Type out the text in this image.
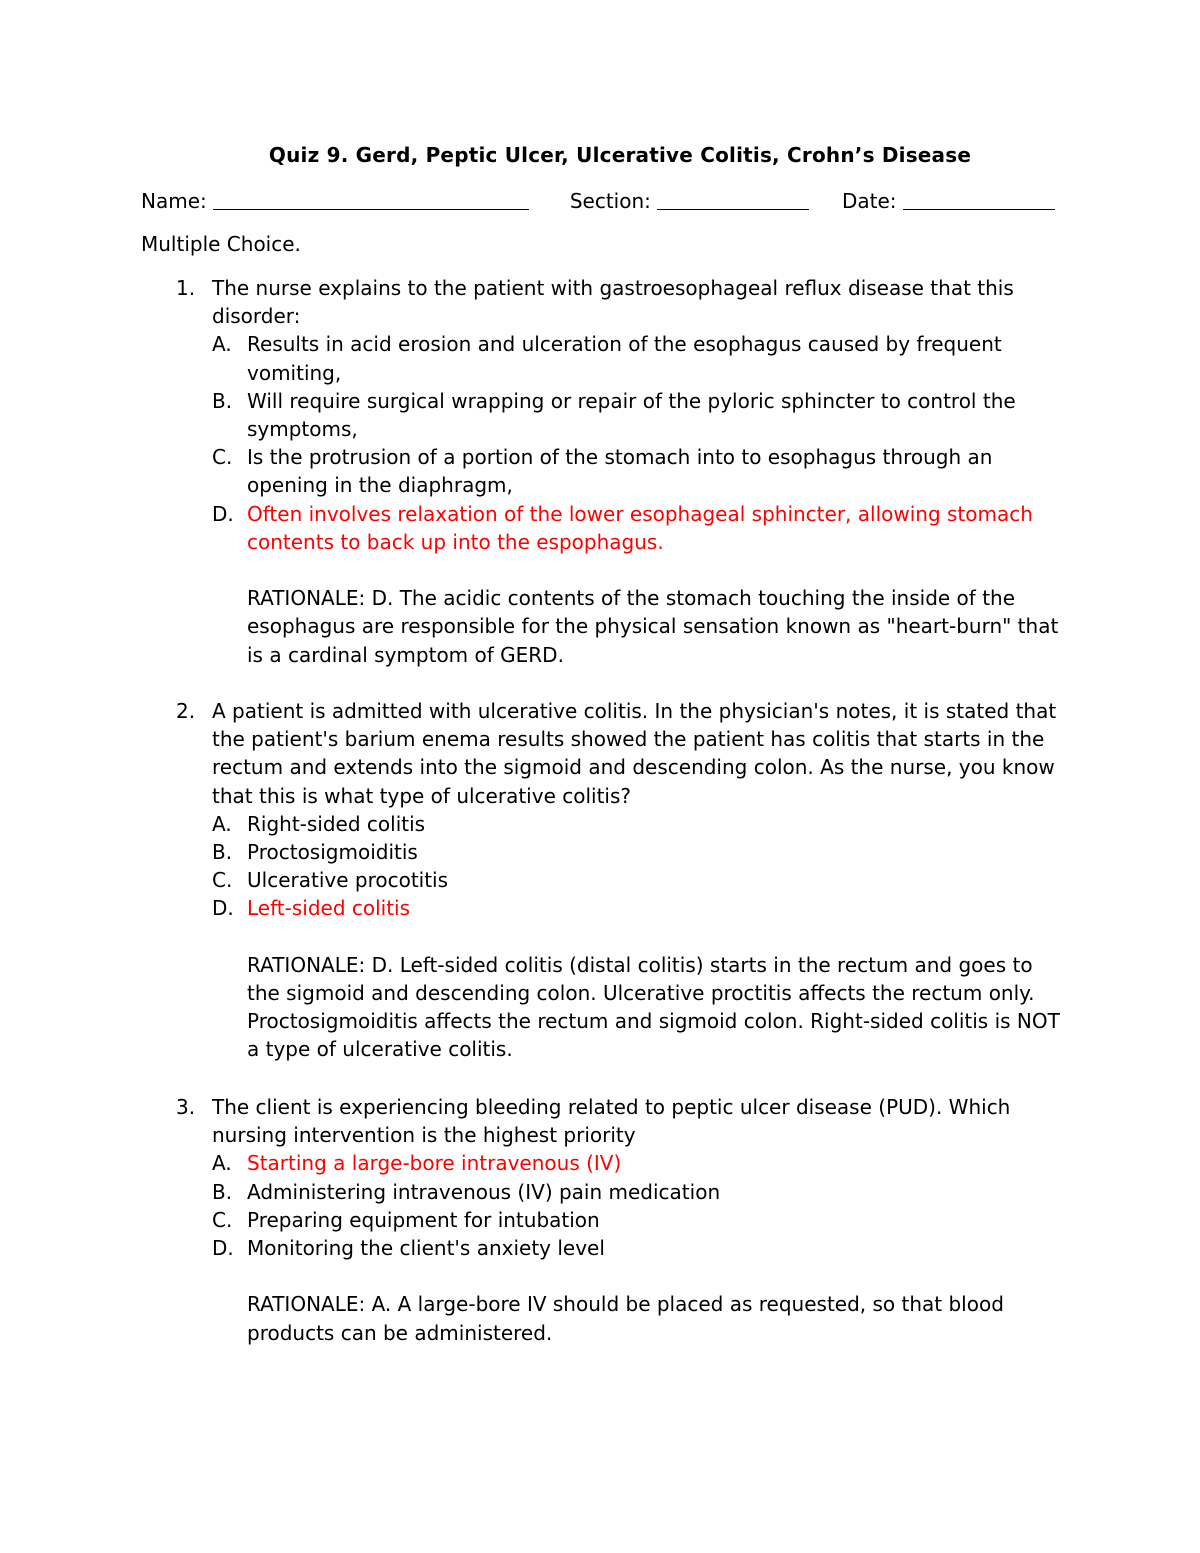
Quiz 9. Gerd, Peptic Ulcer, Ulcerative Colitis, Crohn’s Disease
Name:	Section:	Date:
Multiple Choice.
1. The nurse explains to the patient with gastroesophageal reflux disease that this disorder:
A. Results in acid erosion and ulceration of the esophagus caused by frequent vomiting,
B. Will require surgical wrapping or repair of the pyloric sphincter to control the symptoms,
C. Is the protrusion of a portion of the stomach into to esophagus through an opening in the diaphragm,
D. Often involves relaxation of the lower esophageal sphincter, allowing stomach contents to back up into the espophagus.
RATIONALE: D. The acidic contents of the stomach touching the inside of the esophagus are responsible for the physical sensation known as "heart-burn" that is a cardinal symptom of GERD.
2. A patient is admitted with ulcerative colitis. In the physician's notes, it is stated that the patient's barium enema results showed the patient has colitis that starts in the rectum and extends into the sigmoid and descending colon. As the nurse, you know that this is what type of ulcerative colitis?
A. Right-sided colitis
B. Proctosigmoiditis
C. Ulcerative procotitis
D. Left-sided colitis
RATIONALE: D. Left-sided colitis (distal colitis) starts in the rectum and goes to the sigmoid and descending colon. Ulcerative proctitis affects the rectum only. Proctosigmoiditis affects the rectum and sigmoid colon. Right-sided colitis is NOT a type of ulcerative colitis.
3. The client is experiencing bleeding related to peptic ulcer disease (PUD). Which nursing intervention is the highest priority
A. Starting a large-bore intravenous (IV)
B. Administering intravenous (IV) pain medication
C. Preparing equipment for intubation
D. Monitoring the client's anxiety level
RATIONALE: A. A large-bore IV should be placed as requested, so that blood products can be administered.
